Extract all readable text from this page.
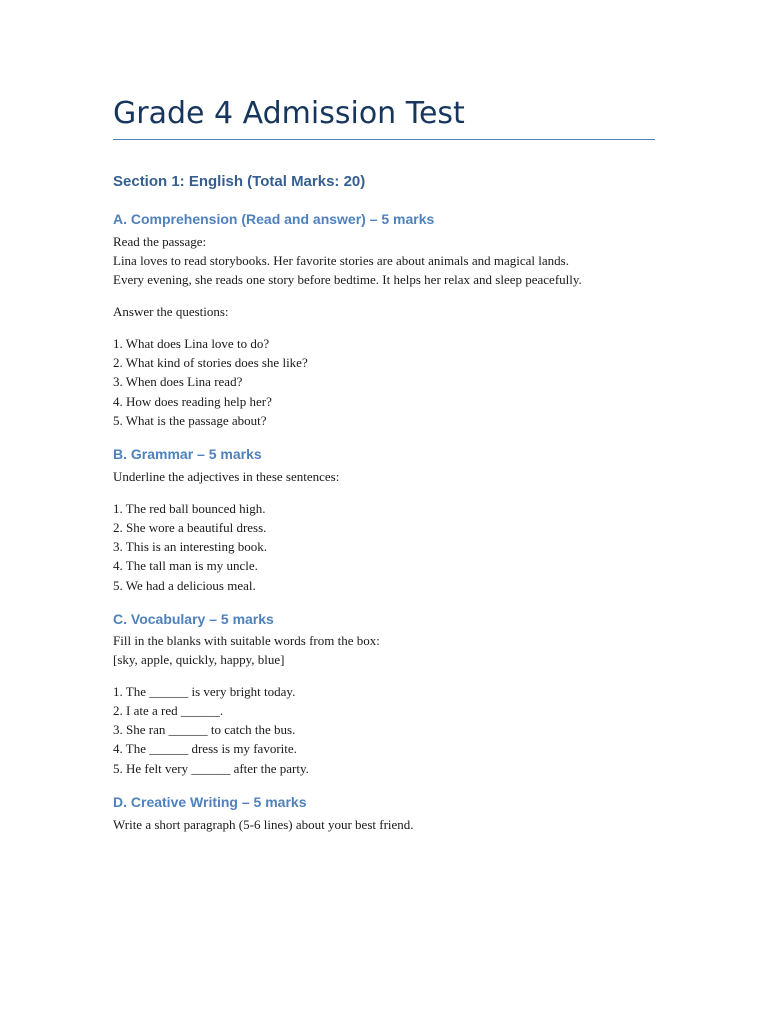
Grade 4 Admission Test
Section 1: English (Total Marks: 20)
A. Comprehension (Read and answer) – 5 marks

Read the passage:

Lina loves to read storybooks. Her favorite stories are about animals and magical lands.

Every evening, she reads one story before bedtime. It helps her relax and sleep peacefully.

Answer the questions:

1. What does Lina love to do?

2. What kind of stories does she like?

3. When does Lina read?

4. How does reading help her?

5. What is the passage about?

B. Grammar – 5 marks

Underline the adjectives in these sentences:

1. The red ball bounced high.

2. She wore a beautiful dress.

3. This is an interesting book.

4. The tall man is my uncle.

5. We had a delicious meal.

C. Vocabulary – 5 marks

Fill in the blanks with suitable words from the box:

[sky, apple, quickly, happy, blue]

1. The ______ is very bright today.

2. I ate a red ______.

3. She ran ______ to catch the bus.

4. The ______ dress is my favorite.

5. He felt very ______ after the party.

D. Creative Writing – 5 marks

Write a short paragraph (5-6 lines) about your best friend.
